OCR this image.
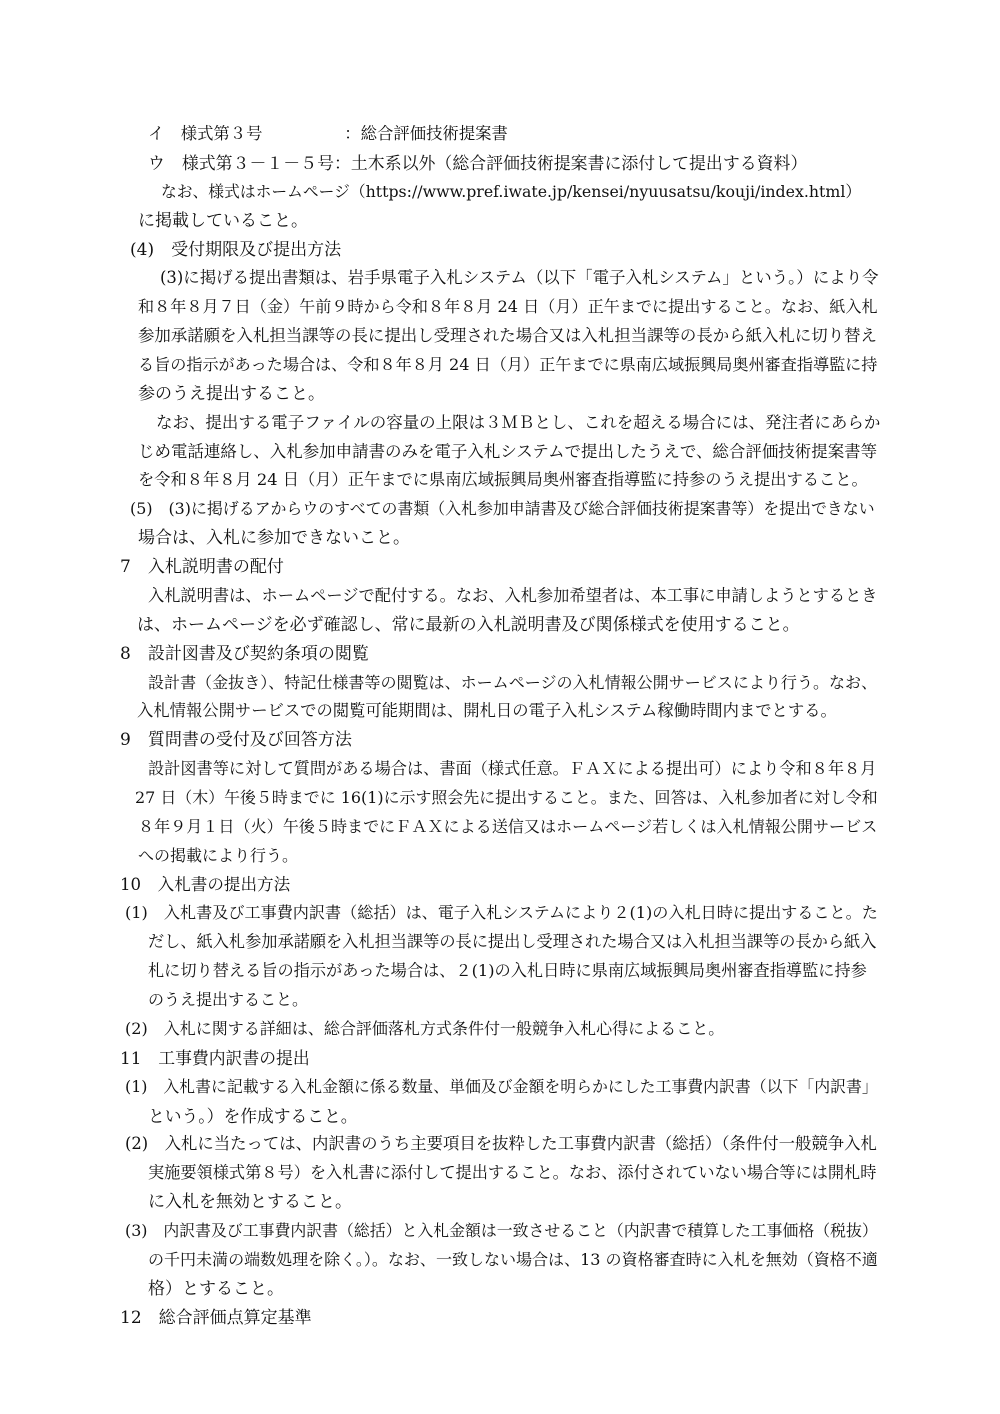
イ　様式第３号　　　　　：総合評価技術提案書
ウ　様式第３－１－５号：土木系以外（総合評価技術提案書に添付して提出する資料）
なお、様式はホームページ（https://www.pref.iwate.jp/kensei/nyuusatsu/kouji/index.html）
に掲載していること。
(4)　受付期限及び提出方法
(3)に掲げる提出書類は、岩手県電子入札システム（以下「電子入札システム」という。）により令
和８年８月７日（金）午前９時から令和８年８月 24 日（月）正午までに提出すること。なお、紙入札
参加承諾願を入札担当課等の長に提出し受理された場合又は入札担当課等の長から紙入札に切り替え
る旨の指示があった場合は、令和８年８月 24 日（月）正午までに県南広域振興局奥州審査指導監に持
参のうえ提出すること。
なお、提出する電子ファイルの容量の上限は３ＭＢとし、これを超える場合には、発注者にあらか
じめ電話連絡し、入札参加申請書のみを電子入札システムで提出したうえで、総合評価技術提案書等
を令和８年８月 24 日（月）正午までに県南広域振興局奥州審査指導監に持参のうえ提出すること。
(5)　(3)に掲げるアからウのすべての書類（入札参加申請書及び総合評価技術提案書等）を提出できない
場合は、入札に参加できないこと。
7　入札説明書の配付
入札説明書は、ホームページで配付する。なお、入札参加希望者は、本工事に申請しようとするとき
は、ホームページを必ず確認し、常に最新の入札説明書及び関係様式を使用すること。
8　設計図書及び契約条項の閲覧
設計書（金抜き）、特記仕様書等の閲覧は、ホームページの入札情報公開サービスにより行う。なお、
入札情報公開サービスでの閲覧可能期間は、開札日の電子入札システム稼働時間内までとする。
9　質問書の受付及び回答方法
設計図書等に対して質問がある場合は、書面（様式任意。ＦＡＸによる提出可）により令和８年８月
27 日（木）午後５時までに 16(1)に示す照会先に提出すること。また、回答は、入札参加者に対し令和
８年９月１日（火）午後５時までにＦＡＸによる送信又はホームページ若しくは入札情報公開サービス
への掲載により行う。
10　入札書の提出方法
(1)　入札書及び工事費内訳書（総括）は、電子入札システムにより２(1)の入札日時に提出すること。た
だし、紙入札参加承諾願を入札担当課等の長に提出し受理された場合又は入札担当課等の長から紙入
札に切り替える旨の指示があった場合は、２(1)の入札日時に県南広域振興局奥州審査指導監に持参
のうえ提出すること。
(2)　入札に関する詳細は、総合評価落札方式条件付一般競争入札心得によること。
11　工事費内訳書の提出
(1)　入札書に記載する入札金額に係る数量、単価及び金額を明らかにした工事費内訳書（以下「内訳書」
という。）を作成すること。
(2)　入札に当たっては、内訳書のうち主要項目を抜粋した工事費内訳書（総括）（条件付一般競争入札
実施要領様式第８号）を入札書に添付して提出すること。なお、添付されていない場合等には開札時
に入札を無効とすること。
(3)　内訳書及び工事費内訳書（総括）と入札金額は一致させること（内訳書で積算した工事価格（税抜）
の千円未満の端数処理を除く。）。なお、一致しない場合は、13 の資格審査時に入札を無効（資格不適
格）とすること。
12　総合評価点算定基準
